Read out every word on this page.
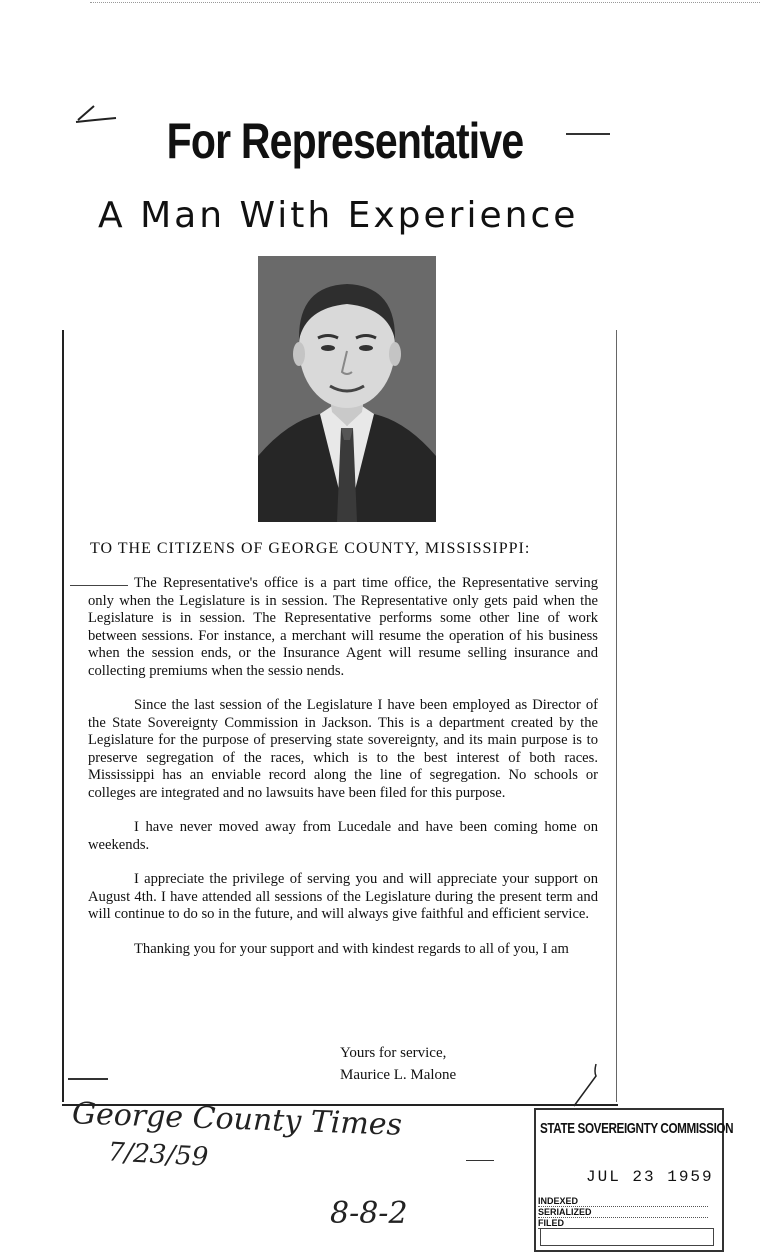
For Representative
A Man With Experience
TO THE CITIZENS OF GEORGE COUNTY, MISSISSIPPI:

The Representative's office is a part time office, the Representative serving only when the Legislature is in session. The Representative only gets paid when the Legislature is in session. The Representative performs some other line of work between sessions. For instance, a merchant will resume the operation of his business when the session ends, or the Insurance Agent will resume selling insurance and collecting premiums when the sessio nends.

Since the last session of the Legislature I have been employed as Director of the State Sovereignty Commission in Jackson. This is a department created by the Legislature for the purpose of preserving state sovereignty, and its main purpose is to preserve segregation of the races, which is to the best interest of both races. Mississippi has an enviable record along the line of segregation. No schools or colleges are integrated and no lawsuits have been filed for this purpose.

I have never moved away from Lucedale and have been coming home on weekends.

I appreciate the privilege of serving you and will appreciate your support on August 4th. I have attended all sessions of the Legislature during the present term and will continue to do so in the future, and will always give faithful and efficient service.

Thanking you for your support and with kindest regards to all of you, I am

Yours for service,
Maurice L. Malone
George County Times
7/23/59
8-8-2
STATE SOVEREIGNTY COMMISSION
JUL 23 1959
INDEXED
SERIALIZED
FILED
